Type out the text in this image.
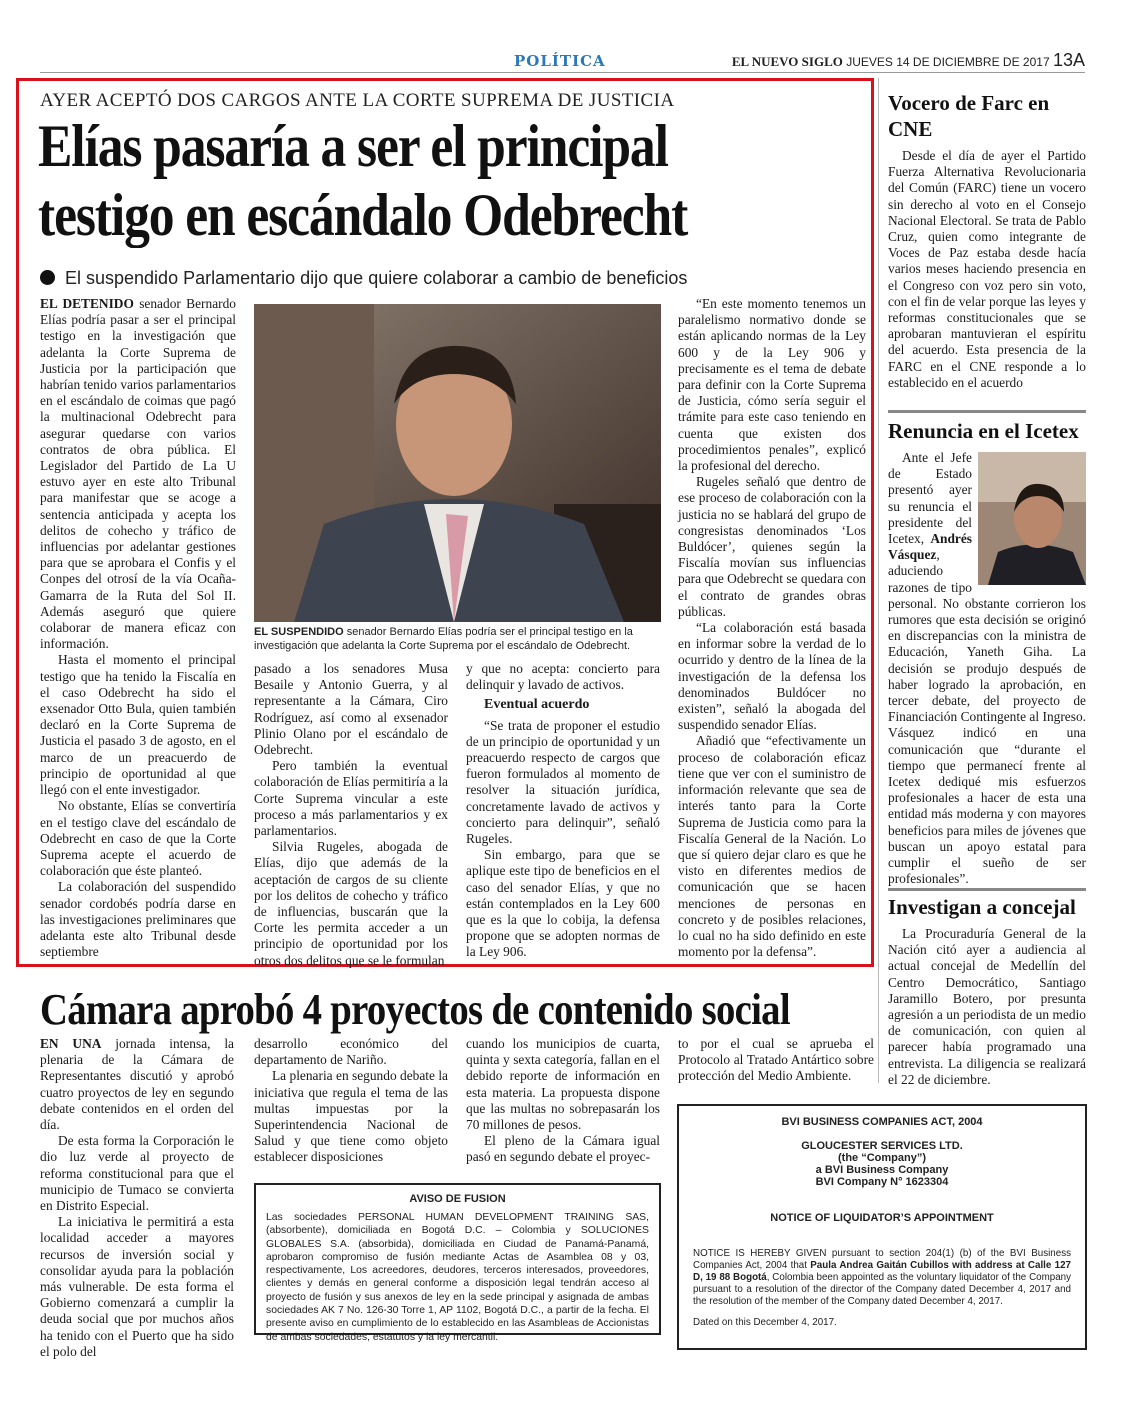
POLÍTICA	EL NUEVO SIGLO JUEVES 14 DE DICIEMBRE DE 2017 13A
AYER ACEPTÓ DOS CARGOS ANTE LA CORTE SUPREMA DE JUSTICIA
Elías pasaría a ser el principal
testigo en escándalo Odebrecht
El suspendido Parlamentario dijo que quiere colaborar a cambio de beneficios

EL DETENIDO senador Bernardo Elías podría pasar a ser el principal testigo en la investigación que adelanta la Corte Suprema de Justicia por la participación que habrían tenido varios parlamentarios en el escándalo de coimas que pagó la multinacional Odebrecht para asegurar quedarse con varios contratos de obra pública. El Legislador del Partido de La U estuvo ayer en este alto Tribunal para manifestar que se acoge a sentencia anticipada y acepta los delitos de cohecho y tráfico de influencias por adelantar gestiones para que se aprobara el Confis y el Conpes del otrosí de la vía Ocaña-Gamarra de la Ruta del Sol II. Además aseguró que quiere colaborar de manera eficaz con información.

Hasta el momento el principal testigo que ha tenido la Fiscalía en el caso Odebrecht ha sido el exsenador Otto Bula, quien también declaró en la Corte Suprema de Justicia el pasado 3 de agosto, en el marco de un preacuerdo de principio de oportunidad al que llegó con el ente investigador.

No obstante, Elías se convertiría en el testigo clave del escándalo de Odebrecht en caso de que la Corte Suprema acepte el acuerdo de colaboración que éste planteó.

La colaboración del suspendido senador cordobés podría darse en las investigaciones preliminares que adelanta este alto Tribunal desde septiembre

EL SUSPENDIDO senador Bernardo Elías podría ser el principal testigo en la investigación que adelanta la Corte Suprema por el escándalo de Odebrecht.

pasado a los senadores Musa Besaile y Antonio Guerra, y al representante a la Cámara, Ciro Rodríguez, así como al exsenador Plinio Olano por el escándalo de Odebrecht.

Pero también la eventual colaboración de Elías permitiría a la Corte Suprema vincular a este proceso a más parlamentarios y ex parlamentarios.

Silvia Rugeles, abogada de Elías, dijo que además de la aceptación de cargos de su cliente por los delitos de cohecho y tráfico de influencias, buscarán que la Corte les permita acceder a un principio de oportunidad por los otros dos delitos que se le formulan

y que no acepta: concierto para delinquir y lavado de activos.

Eventual acuerdo

“Se trata de proponer el estudio de un principio de oportunidad y un preacuerdo respecto de cargos que fueron formulados al momento de resolver la situación jurídica, concretamente lavado de activos y concierto para delinquir”, señaló Rugeles.

Sin embargo, para que se aplique este tipo de beneficios en el caso del senador Elías, y que no están contemplados en la Ley 600 que es la que lo cobija, la defensa propone que se adopten normas de la Ley 906.

“En este momento tenemos un paralelismo normativo donde se están aplicando normas de la Ley 600 y de la Ley 906 y precisamente es el tema de debate para definir con la Corte Suprema de Justicia, cómo sería seguir el trámite para este caso teniendo en cuenta que existen dos procedimientos penales”, explicó la profesional del derecho.

Rugeles señaló que dentro de ese proceso de colaboración con la justicia no se hablará del grupo de congresistas denominados ‘Los Buldócer’, quienes según la Fiscalía movían sus influencias para que Odebrecht se quedara con el contrato de grandes obras públicas.

“La colaboración está basada en informar sobre la verdad de lo ocurrido y dentro de la línea de la investigación de la defensa los denominados Buldócer no existen”, señaló la abogada del suspendido senador Elías.

Añadió que “efectivamente un proceso de colaboración eficaz tiene que ver con el suministro de información relevante que sea de interés tanto para la Corte Suprema de Justicia como para la Fiscalía General de la Nación. Lo que sí quiero dejar claro es que he visto en diferentes medios de comunicación que se hacen menciones de personas en concreto y de posibles relaciones, lo cual no ha sido definido en este momento por la defensa”.

Vocero de Farc en CNE

Desde el día de ayer el Partido Fuerza Alternativa Revolucionaria del Común (FARC) tiene un vocero sin derecho al voto en el Consejo Nacional Electoral. Se trata de Pablo Cruz, quien como integrante de Voces de Paz estaba desde hacía varios meses haciendo presencia en el Congreso con voz pero sin voto, con el fin de velar porque las leyes y reformas constitucionales que se aprobaran mantuvieran el espíritu del acuerdo. Esta presencia de la FARC en el CNE responde a lo establecido en el acuerdo

Renuncia en el Icetex

Ante el Jefe de Estado presentó ayer su renuncia el presidente del Icetex, Andrés Vásquez, aduciendo razones de tipo personal. No obstante corrieron los rumores que esta decisión se originó en discrepancias con la ministra de Educación, Yaneth Giha. La decisión se produjo después de haber logrado la aprobación, en tercer debate, del proyecto de Financiación Contingente al Ingreso. Vásquez indicó en una comunicación que “durante el tiempo que permanecí frente al Icetex dediqué mis esfuerzos profesionales a hacer de esta una entidad más moderna y con mayores beneficios para miles de jóvenes que buscan un apoyo estatal para cumplir el sueño de ser profesionales”.

Investigan a concejal

La Procuraduría General de la Nación citó ayer a audiencia al actual concejal de Medellín del Centro Democrático, Santiago Jaramillo Botero, por presunta agresión a un periodista de un medio de comunicación, con quien al parecer había programado una entrevista. La diligencia se realizará el 22 de diciembre.

Cámara aprobó 4 proyectos de contenido social

EN UNA jornada intensa, la plenaria de la Cámara de Representantes discutió y aprobó cuatro proyectos de ley en segundo debate contenidos en el orden del día.

De esta forma la Corporación le dio luz verde al proyecto de reforma constitucional para que el municipio de Tumaco se convierta en Distrito Especial.

La iniciativa le permitirá a esta localidad acceder a mayores recursos de inversión social y consolidar ayuda para la población más vulnerable. De esta forma el Gobierno comenzará a cumplir la deuda social que por muchos años ha tenido con el Puerto que ha sido el polo del

desarrollo económico del departamento de Nariño.

La plenaria en segundo debate la iniciativa que regula el tema de las multas impuestas por la Superintendencia Nacional de Salud y que tiene como objeto establecer disposiciones

cuando los municipios de cuarta, quinta y sexta categoría, fallan en el debido reporte de información en esta materia. La propuesta dispone que las multas no sobrepasarán los 70 millones de pesos.

El pleno de la Cámara igual pasó en segundo debate el proyec-

to por el cual se aprueba el Protocolo al Tratado Antártico sobre protección del Medio Ambiente.

AVISO DE FUSION
Las sociedades PERSONAL HUMAN DEVELOPMENT TRAINING SAS, (absorbente), domiciliada en Bogotá D.C. – Colombia y SOLUCIONES GLOBALES S.A. (absorbida), domiciliada en Ciudad de Panamá-Panamá, aprobaron compromiso de fusión mediante Actas de Asamblea 08 y 03, respectivamente, Los acreedores, deudores, terceros interesados, proveedores, clientes y demás en general conforme a disposición legal tendrán acceso al proyecto de fusión y sus anexos de ley en la sede principal y asignada de ambas sociedades AK 7 No. 126-30 Torre 1, AP 1102, Bogotá D.C., a partir de la fecha. El presente aviso en cumplimiento de lo establecido en las Asambleas de Accionistas de ambas sociedades, estatutos y la ley mercantil.
BVI BUSINESS COMPANIES ACT, 2004
GLOUCESTER SERVICES LTD.
(the “Company”)
a BVI Business Company
BVI Company N° 1623304
NOTICE OF LIQUIDATOR’S APPOINTMENT
NOTICE IS HEREBY GIVEN pursuant to section 204(1) (b) of the BVI Business Companies Act, 2004 that Paula Andrea Gaitán Cubillos with address at Calle 127 D, 19 88 Bogotá, Colombia been appointed as the voluntary liquidator of the Company pursuant to a resolution of the director of the Company dated December 4, 2017 and the resolution of the member of the Company dated December 4, 2017.
Dated on this December 4, 2017.
